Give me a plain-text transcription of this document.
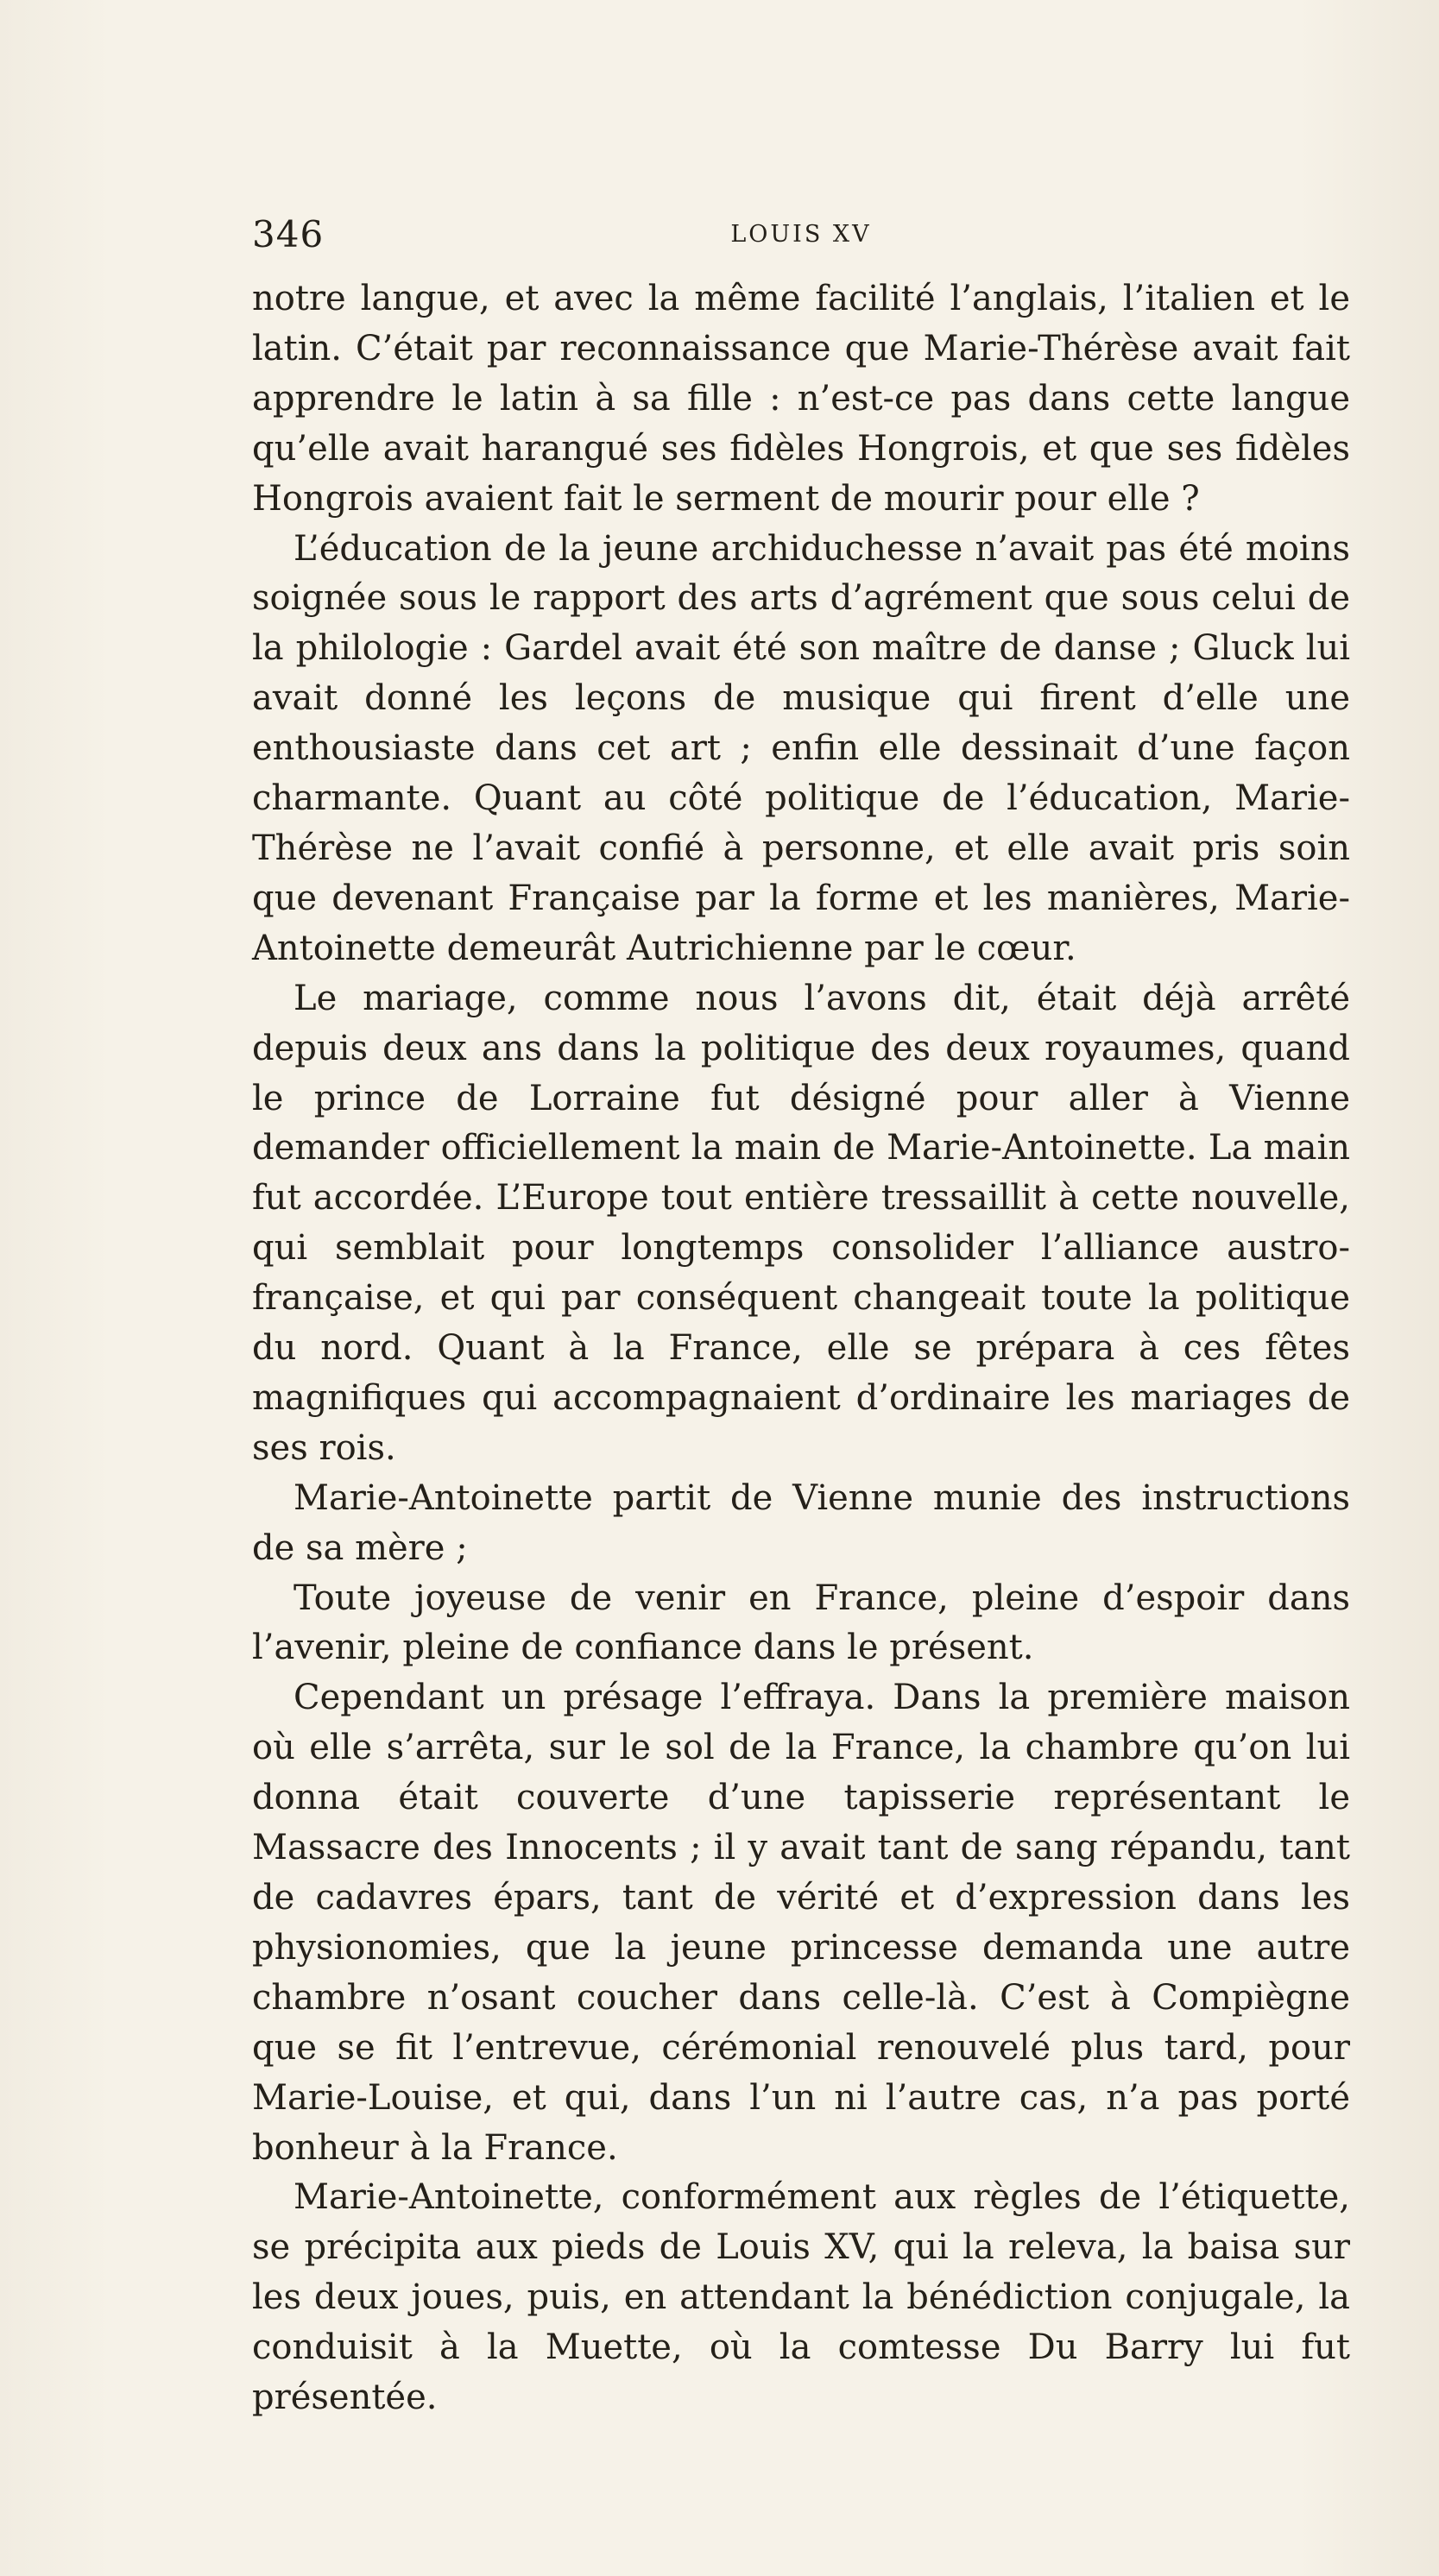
346	LOUIS XV

notre langue, et avec la même facilité l’anglais, l’italien et le latin. C’était par reconnaissance que Marie-Thérèse avait fait apprendre le latin à sa fille : n’est-ce pas dans cette langue qu’elle avait harangué ses fidèles Hongrois, et que ses fidèles Hongrois avaient fait le serment de mourir pour elle ?

L’éducation de la jeune archiduchesse n’avait pas été moins soignée sous le rapport des arts d’agrément que sous celui de la philologie : Gardel avait été son maître de danse ; Gluck lui avait donné les leçons de musique qui firent d’elle une enthousiaste dans cet art ; enfin elle dessinait d’une façon charmante. Quant au côté politique de l’éducation, Marie-Thérèse ne l’avait confié à personne, et elle avait pris soin que devenant Française par la forme et les manières, Marie-Antoinette demeurât Autrichienne par le cœur.

Le mariage, comme nous l’avons dit, était déjà arrêté depuis deux ans dans la politique des deux royaumes, quand le prince de Lorraine fut désigné pour aller à Vienne demander officiellement la main de Marie-Antoinette. La main fut accordée. L’Europe tout entière tressaillit à cette nouvelle, qui semblait pour longtemps consolider l’alliance austro-française, et qui par conséquent changeait toute la politique du nord. Quant à la France, elle se prépara à ces fêtes magnifiques qui accompagnaient d’ordinaire les mariages de ses rois.

Marie-Antoinette partit de Vienne munie des instructions de sa mère ;

Toute joyeuse de venir en France, pleine d’espoir dans l’avenir, pleine de confiance dans le présent.

Cependant un présage l’effraya. Dans la première maison où elle s’arrêta, sur le sol de la France, la chambre qu’on lui donna était couverte d’une tapisserie représentant le Massacre des Innocents ; il y avait tant de sang répandu, tant de cadavres épars, tant de vérité et d’expression dans les physionomies, que la jeune princesse demanda une autre chambre n’osant coucher dans celle-là. C’est à Compiègne que se fit l’entrevue, cérémonial renouvelé plus tard, pour Marie-Louise, et qui, dans l’un ni l’autre cas, n’a pas porté bonheur à la France.

Marie-Antoinette, conformément aux règles de l’étiquette, se précipita aux pieds de Louis XV, qui la releva, la baisa sur les deux joues, puis, en attendant la bénédiction conjugale, la conduisit à la Muette, où la comtesse Du Barry lui fut présentée.
